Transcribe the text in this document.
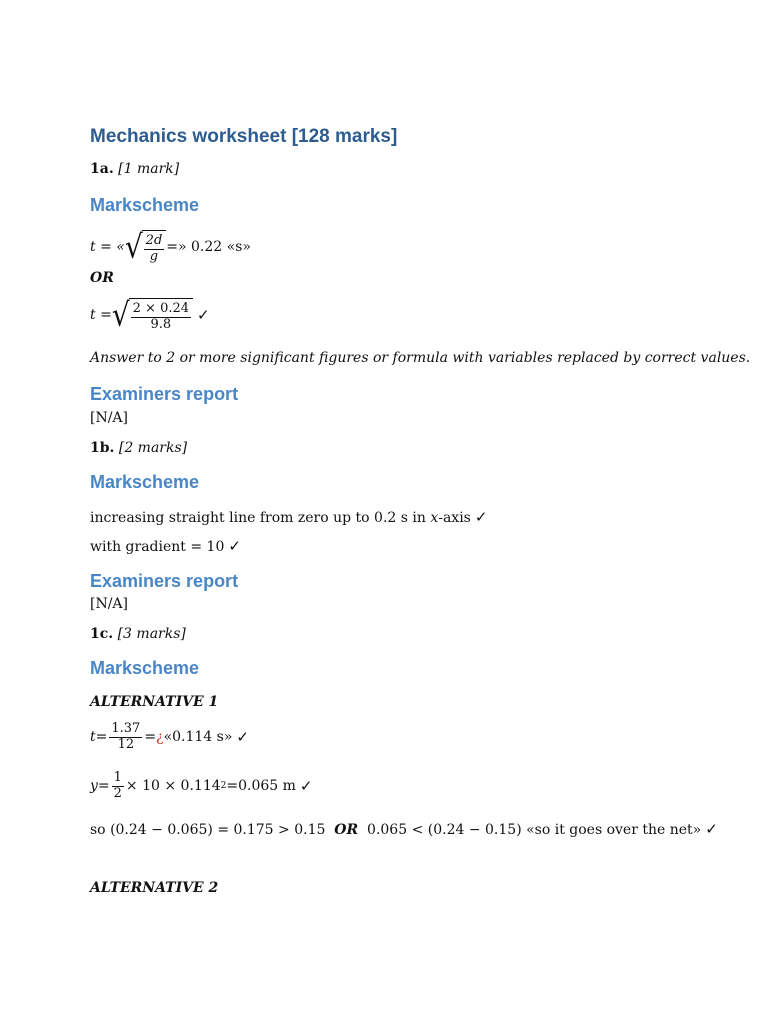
Mechanics worksheet [128 marks]
1a. [1 mark]
Markscheme
t = « √ $\frac{2d}{g}$ =» 0.22 «s»
OR
t = √ $\frac{2 \times 0.24}{9.8}$ ✓
Answer to 2 or more significant figures or formula with variables replaced by correct values.
Examiners report
[N/A]
1b. [2 marks]
Markscheme
increasing straight line from zero up to 0.2 s in x-axis ✓
with gradient = 10 ✓
Examiners report
[N/A]
1c. [3 marks]
Markscheme
ALTERNATIVE 1
$t= \frac{1.37}{12}$ = ¿ «0.114 s» ✓
$y= \frac{1}{2} \times 10 \times 0.114$ 2 =0.065 m ✓
so (0.24 − 0.065) = 0.175 > 0.15  OR  0.065 < (0.24 − 0.15) «so it goes over the net» ✓
ALTERNATIVE 2
